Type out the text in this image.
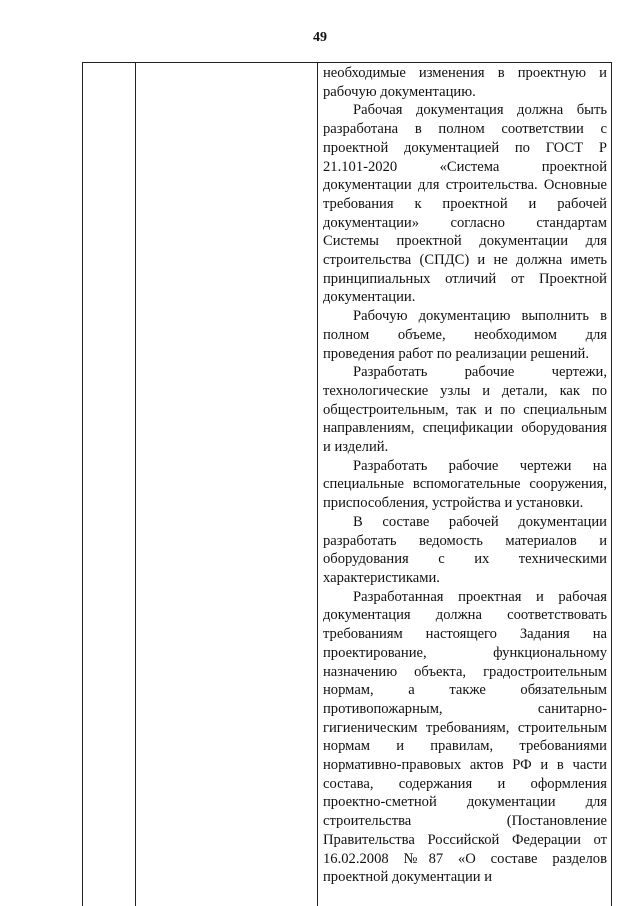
49

необходимые изменения в проектную и рабочую документацию.

Рабочая документация должна быть разработана в полном соответствии с проектной документацией по ГОСТ Р 21.101-2020 «Система проектной документации для строительства. Основные требования к проектной и рабочей документации» согласно стандартам Системы проектной документации для строительства (СПДС) и не должна иметь принципиальных отличий от Проектной документации.

Рабочую документацию выполнить в полном объеме, необходимом для проведения работ по реализации решений.

Разработать рабочие чертежи, технологические узлы и детали, как по общестроительным, так и по специальным направлениям, спецификации оборудования и изделий.

Разработать рабочие чертежи на специальные вспомогательные сооружения, приспособления, устройства и установки.

В составе рабочей документации разработать ведомость материалов и оборудования с их техническими характеристиками.

Разработанная проектная и рабочая документация должна соответствовать требованиям настоящего Задания на проектирование, функциональному назначению объекта, градостроительным нормам, а также обязательным противопожарным, санитарно-гигиеническим требованиям, строительным нормам и правилам, требованиями нормативно-правовых актов РФ и в части состава, содержания и оформления проектно-сметной документации для строительства (Постановление Правительства Российской Федерации от 16.02.2008 №87 «О составе разделов проектной документации и
